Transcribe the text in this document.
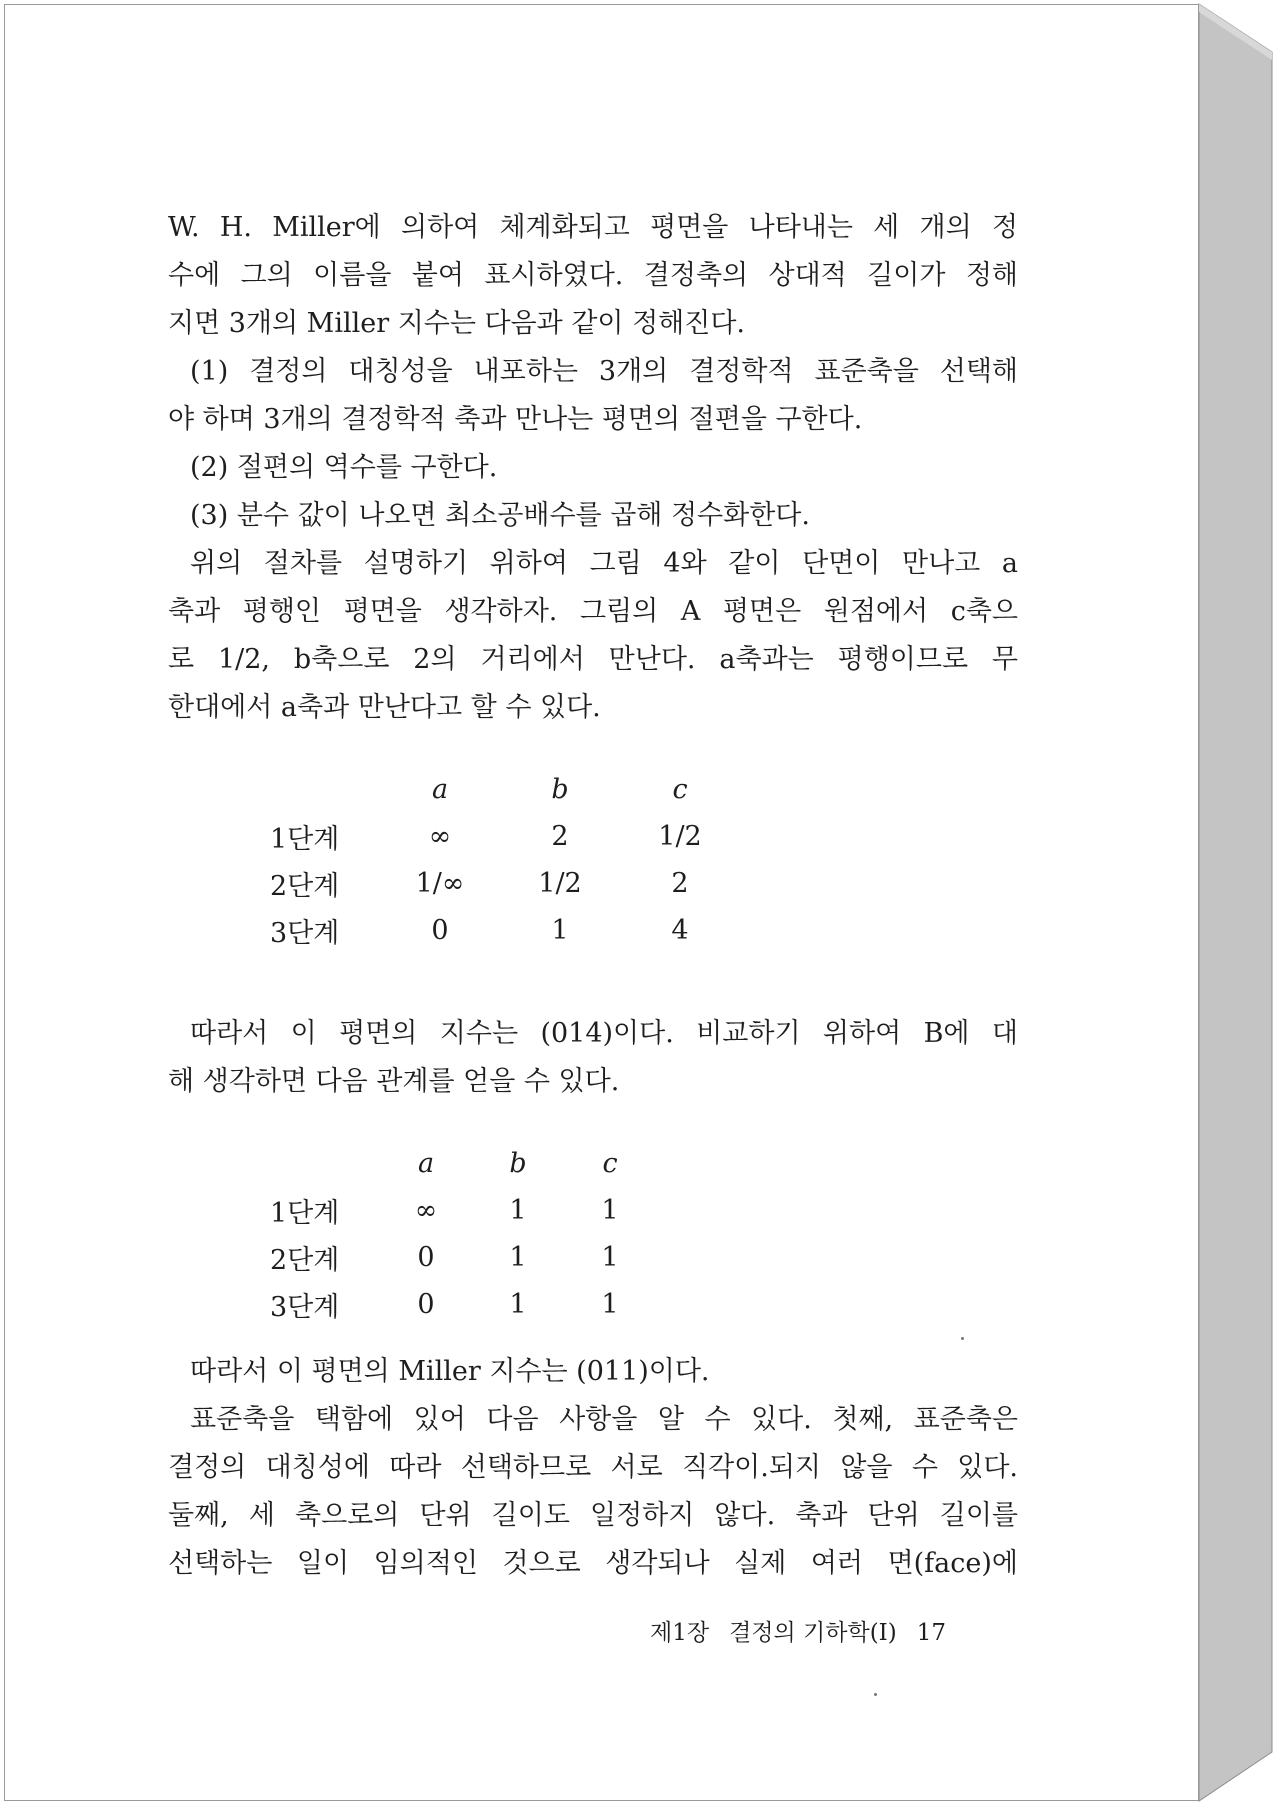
W. H. Miller에 의하여 체계화되고 평면을 나타내는 세 개의 정
수에 그의 이름을 붙여 표시하였다. 결정축의 상대적 길이가 정해
지면 3개의 Miller 지수는 다음과 같이 정해진다.
(1) 결정의 대칭성을 내포하는 3개의 결정학적 표준축을 선택해
야 하며 3개의 결정학적 축과 만나는 평면의 절편을 구한다.
(2) 절편의 역수를 구한다.
(3) 분수 값이 나오면 최소공배수를 곱해 정수화한다.
위의 절차를 설명하기 위하여 그림 4와 같이 단면이 만나고 a
축과 평행인 평면을 생각하자. 그림의 A 평면은 원점에서 c축으
로 1/2, b축으로 2의 거리에서 만난다. a축과는 평행이므로 무
한대에서 a축과 만난다고 할 수 있다.
	a	b	c
1단계	∞	2	1/2
2단계	1/∞	1/2	2
3단계	0	1	4
따라서 이 평면의 지수는 (014)이다. 비교하기 위하여 B에 대
해 생각하면 다음 관계를 얻을 수 있다.
	a	b	c
1단계	∞	1	1
2단계	0	1	1
3단계	0	1	1
따라서 이 평면의 Miller 지수는 (011)이다.
표준축을 택함에 있어 다음 사항을 알 수 있다. 첫째, 표준축은
결정의 대칭성에 따라 선택하므로 서로 직각이.되지 않을 수 있다.
둘째, 세 축으로의 단위 길이도 일정하지 않다. 축과 단위 길이를
선택하는 일이 임의적인 것으로 생각되나 실제 여러 면(face)에
제1장 결정의 기하학(I) 17
